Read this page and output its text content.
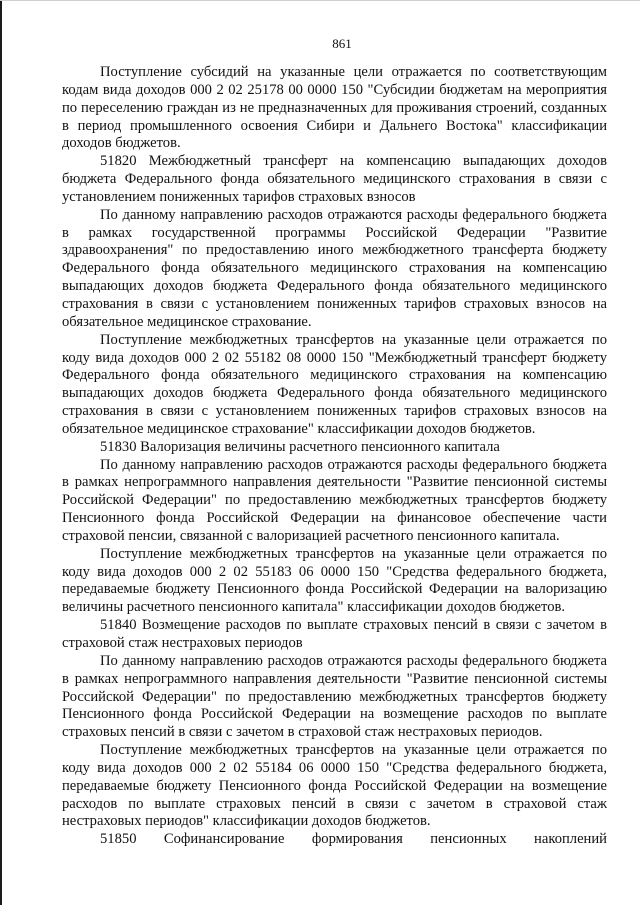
861

Поступление субсидий на указанные цели отражается по соответствующим кодам вида доходов 000 2 02 25178 00 0000 150 "Субсидии бюджетам на мероприятия по переселению граждан из не предназначенных для проживания строений, созданных в период промышленного освоения Сибири и Дальнего Востока" классификации доходов бюджетов.

51820 Межбюджетный трансферт на компенсацию выпадающих доходов бюджета Федерального фонда обязательного медицинского страхования в связи с установлением пониженных тарифов страховых взносов

По данному направлению расходов отражаются расходы федерального бюджета в рамках государственной программы Российской Федерации "Развитие здравоохранения" по предоставлению иного межбюджетного трансферта бюджету Федерального фонда обязательного медицинского страхования на компенсацию выпадающих доходов бюджета Федерального фонда обязательного медицинского страхования в связи с установлением пониженных тарифов страховых взносов на обязательное медицинское страхование.

Поступление межбюджетных трансфертов на указанные цели отражается по коду вида доходов 000 2 02 55182 08 0000 150 "Межбюджетный трансферт бюджету Федерального фонда обязательного медицинского страхования на компенсацию выпадающих доходов бюджета Федерального фонда обязательного медицинского страхования в связи с установлением пониженных тарифов страховых взносов на обязательное медицинское страхование" классификации доходов бюджетов.

51830 Валоризация величины расчетного пенсионного капитала

По данному направлению расходов отражаются расходы федерального бюджета в рамках непрограммного направления деятельности "Развитие пенсионной системы Российской Федерации" по предоставлению межбюджетных трансфертов бюджету Пенсионного фонда Российской Федерации на финансовое обеспечение части страховой пенсии, связанной с валоризацией расчетного пенсионного капитала.

Поступление межбюджетных трансфертов на указанные цели отражается по коду вида доходов 000 2 02 55183 06 0000 150 "Средства федерального бюджета, передаваемые бюджету Пенсионного фонда Российской Федерации на валоризацию величины расчетного пенсионного капитала" классификации доходов бюджетов.

51840 Возмещение расходов по выплате страховых пенсий в связи с зачетом в страховой стаж нестраховых периодов

По данному направлению расходов отражаются расходы федерального бюджета в рамках непрограммного направления деятельности "Развитие пенсионной системы Российской Федерации" по предоставлению межбюджетных трансфертов бюджету Пенсионного фонда Российской Федерации на возмещение расходов по выплате страховых пенсий в связи с зачетом в страховой стаж нестраховых периодов.

Поступление межбюджетных трансфертов на указанные цели отражается по коду вида доходов 000 2 02 55184 06 0000 150 "Средства федерального бюджета, передаваемые бюджету Пенсионного фонда Российской Федерации на возмещение расходов по выплате страховых пенсий в связи с зачетом в страховой стаж нестраховых периодов" классификации доходов бюджетов.

51850 Софинансирование формирования пенсионных накоплений
